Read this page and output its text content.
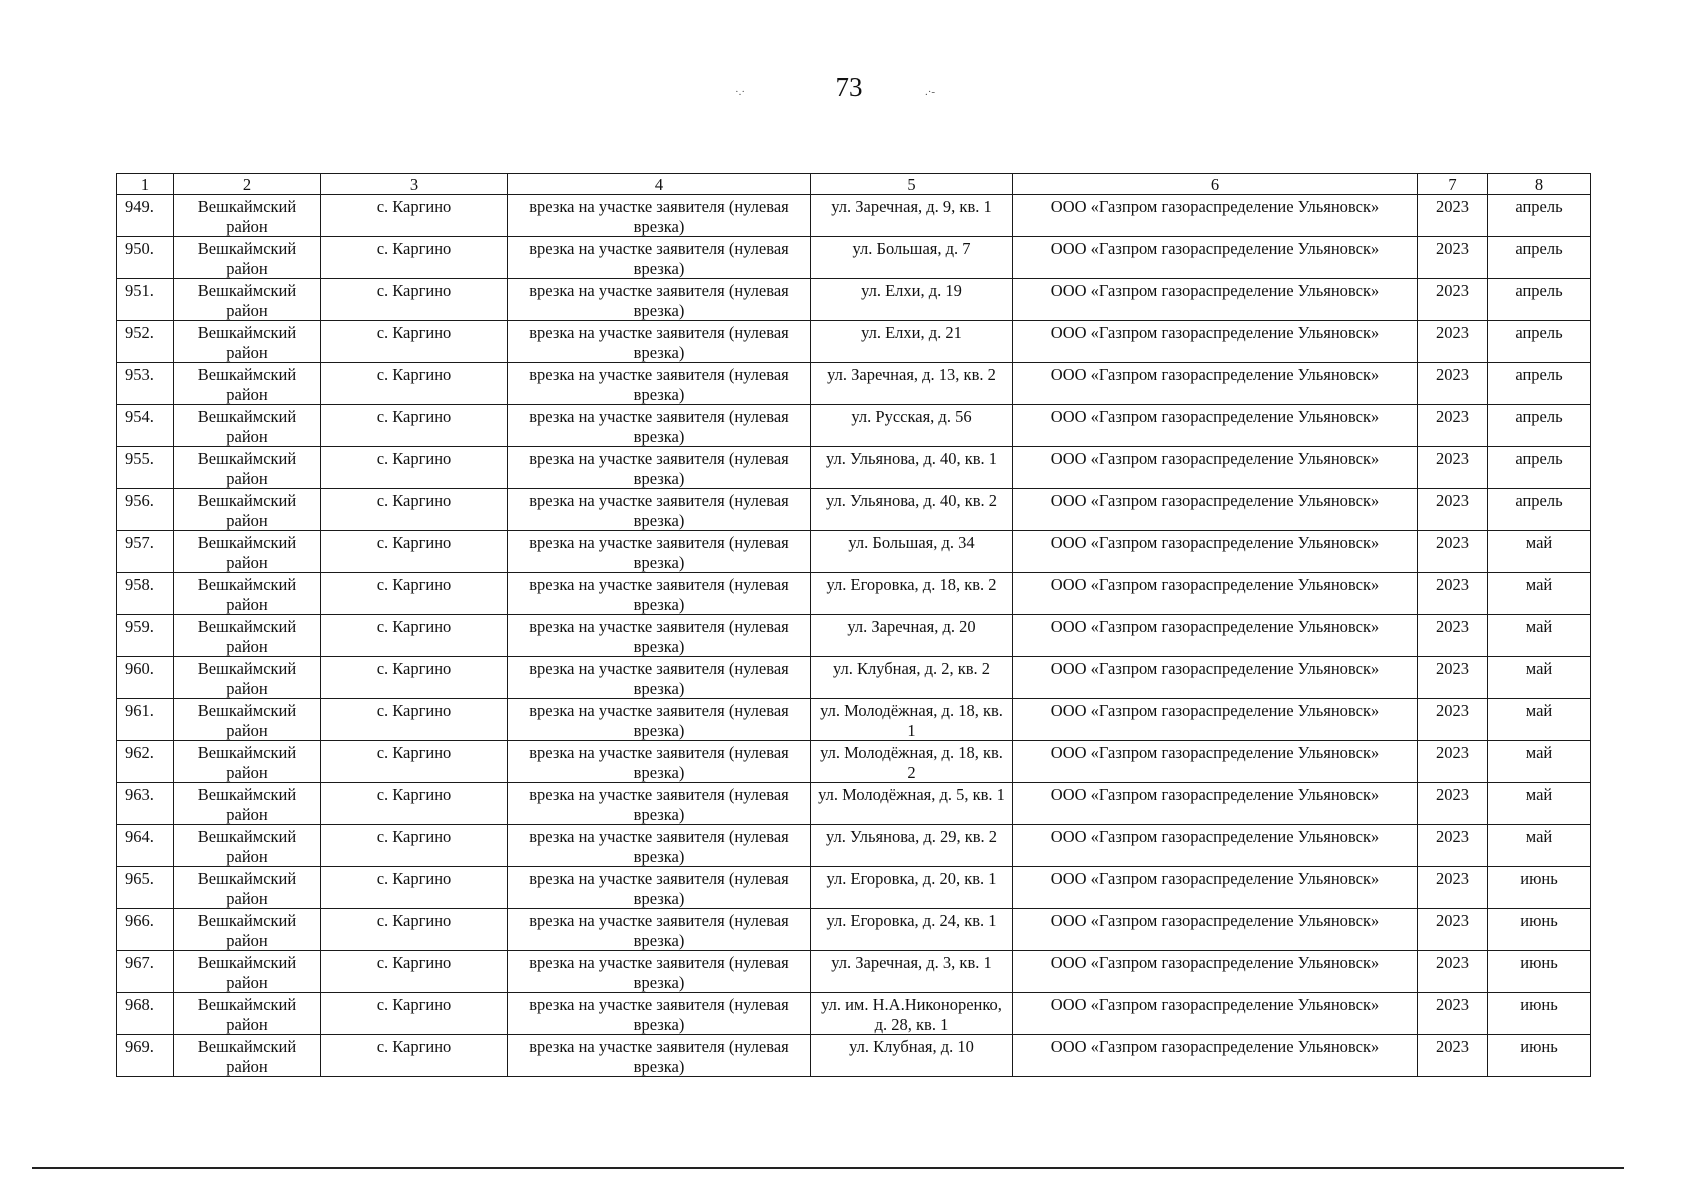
73
·.·	.·-
1	2	3	4	5	6	7	8
949.	Вешкаймский район	с. Каргино	врезка на участке заявителя (нулевая врезка)	ул. Заречная, д. 9, кв. 1	ООО «Газпром газораспределение Ульяновск»	2023	апрель
950.	Вешкаймский район	с. Каргино	врезка на участке заявителя (нулевая врезка)	ул. Большая, д. 7	ООО «Газпром газораспределение Ульяновск»	2023	апрель
951.	Вешкаймский район	с. Каргино	врезка на участке заявителя (нулевая врезка)	ул. Елхи, д. 19	ООО «Газпром газораспределение Ульяновск»	2023	апрель
952.	Вешкаймский район	с. Каргино	врезка на участке заявителя (нулевая врезка)	ул. Елхи, д. 21	ООО «Газпром газораспределение Ульяновск»	2023	апрель
953.	Вешкаймский район	с. Каргино	врезка на участке заявителя (нулевая врезка)	ул. Заречная, д. 13, кв. 2	ООО «Газпром газораспределение Ульяновск»	2023	апрель
954.	Вешкаймский район	с. Каргино	врезка на участке заявителя (нулевая врезка)	ул. Русская, д. 56	ООО «Газпром газораспределение Ульяновск»	2023	апрель
955.	Вешкаймский район	с. Каргино	врезка на участке заявителя (нулевая врезка)	ул. Ульянова, д. 40, кв. 1	ООО «Газпром газораспределение Ульяновск»	2023	апрель
956.	Вешкаймский район	с. Каргино	врезка на участке заявителя (нулевая врезка)	ул. Ульянова, д. 40, кв. 2	ООО «Газпром газораспределение Ульяновск»	2023	апрель
957.	Вешкаймский район	с. Каргино	врезка на участке заявителя (нулевая врезка)	ул. Большая, д. 34	ООО «Газпром газораспределение Ульяновск»	2023	май
958.	Вешкаймский район	с. Каргино	врезка на участке заявителя (нулевая врезка)	ул. Егоровка, д. 18, кв. 2	ООО «Газпром газораспределение Ульяновск»	2023	май
959.	Вешкаймский район	с. Каргино	врезка на участке заявителя (нулевая врезка)	ул. Заречная, д. 20	ООО «Газпром газораспределение Ульяновск»	2023	май
960.	Вешкаймский район	с. Каргино	врезка на участке заявителя (нулевая врезка)	ул. Клубная, д. 2, кв. 2	ООО «Газпром газораспределение Ульяновск»	2023	май
961.	Вешкаймский район	с. Каргино	врезка на участке заявителя (нулевая врезка)	ул. Молодёжная, д. 18, кв. 1	ООО «Газпром газораспределение Ульяновск»	2023	май
962.	Вешкаймский район	с. Каргино	врезка на участке заявителя (нулевая врезка)	ул. Молодёжная, д. 18, кв. 2	ООО «Газпром газораспределение Ульяновск»	2023	май
963.	Вешкаймский район	с. Каргино	врезка на участке заявителя (нулевая врезка)	ул. Молодёжная, д. 5, кв. 1	ООО «Газпром газораспределение Ульяновск»	2023	май
964.	Вешкаймский район	с. Каргино	врезка на участке заявителя (нулевая врезка)	ул. Ульянова, д. 29, кв. 2	ООО «Газпром газораспределение Ульяновск»	2023	май
965.	Вешкаймский район	с. Каргино	врезка на участке заявителя (нулевая врезка)	ул. Егоровка, д. 20, кв. 1	ООО «Газпром газораспределение Ульяновск»	2023	июнь
966.	Вешкаймский район	с. Каргино	врезка на участке заявителя (нулевая врезка)	ул. Егоровка, д. 24, кв. 1	ООО «Газпром газораспределение Ульяновск»	2023	июнь
967.	Вешкаймский район	с. Каргино	врезка на участке заявителя (нулевая врезка)	ул. Заречная, д. 3, кв. 1	ООО «Газпром газораспределение Ульяновск»	2023	июнь
968.	Вешкаймский район	с. Каргино	врезка на участке заявителя (нулевая врезка)	ул. им. Н.А.Никоноренко, д. 28, кв. 1	ООО «Газпром газораспределение Ульяновск»	2023	июнь
969.	Вешкаймский район	с. Каргино	врезка на участке заявителя (нулевая врезка)	ул. Клубная, д. 10	ООО «Газпром газораспределение Ульяновск»	2023	июнь
